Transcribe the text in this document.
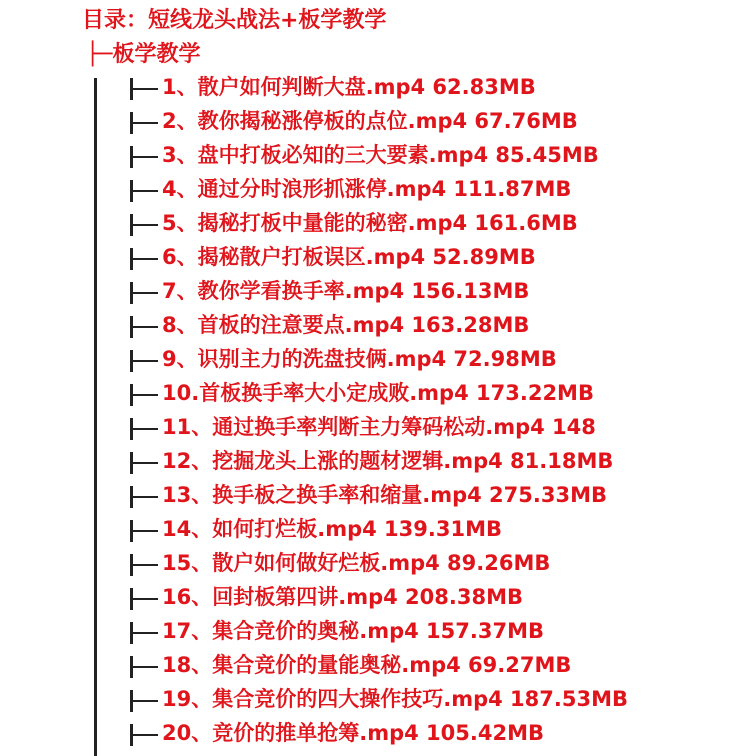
目录：短线龙头战法+板学教学
├─板学教学
1、散户如何判断大盘.mp4 62.83MB
2、教你揭秘涨停板的点位.mp4 67.76MB
3、盘中打板必知的三大要素.mp4 85.45MB
4、通过分时浪形抓涨停.mp4 111.87MB
5、揭秘打板中量能的秘密.mp4 161.6MB
6、揭秘散户打板误区.mp4 52.89MB
7、教你学看换手率.mp4 156.13MB
8、首板的注意要点.mp4 163.28MB
9、识别主力的洗盘技俩.mp4 72.98MB
10.首板换手率大小定成败.mp4 173.22MB
11、通过换手率判断主力筹码松动.mp4 148
12、挖掘龙头上涨的题材逻辑.mp4 81.18MB
13、换手板之换手率和缩量.mp4 275.33MB
14、如何打烂板.mp4 139.31MB
15、散户如何做好烂板.mp4 89.26MB
16、回封板第四讲.mp4 208.38MB
17、集合竞价的奥秘.mp4 157.37MB
18、集合竞价的量能奥秘.mp4 69.27MB
19、集合竞价的四大操作技巧.mp4 187.53MB
20、竞价的推单抢筹.mp4 105.42MB
